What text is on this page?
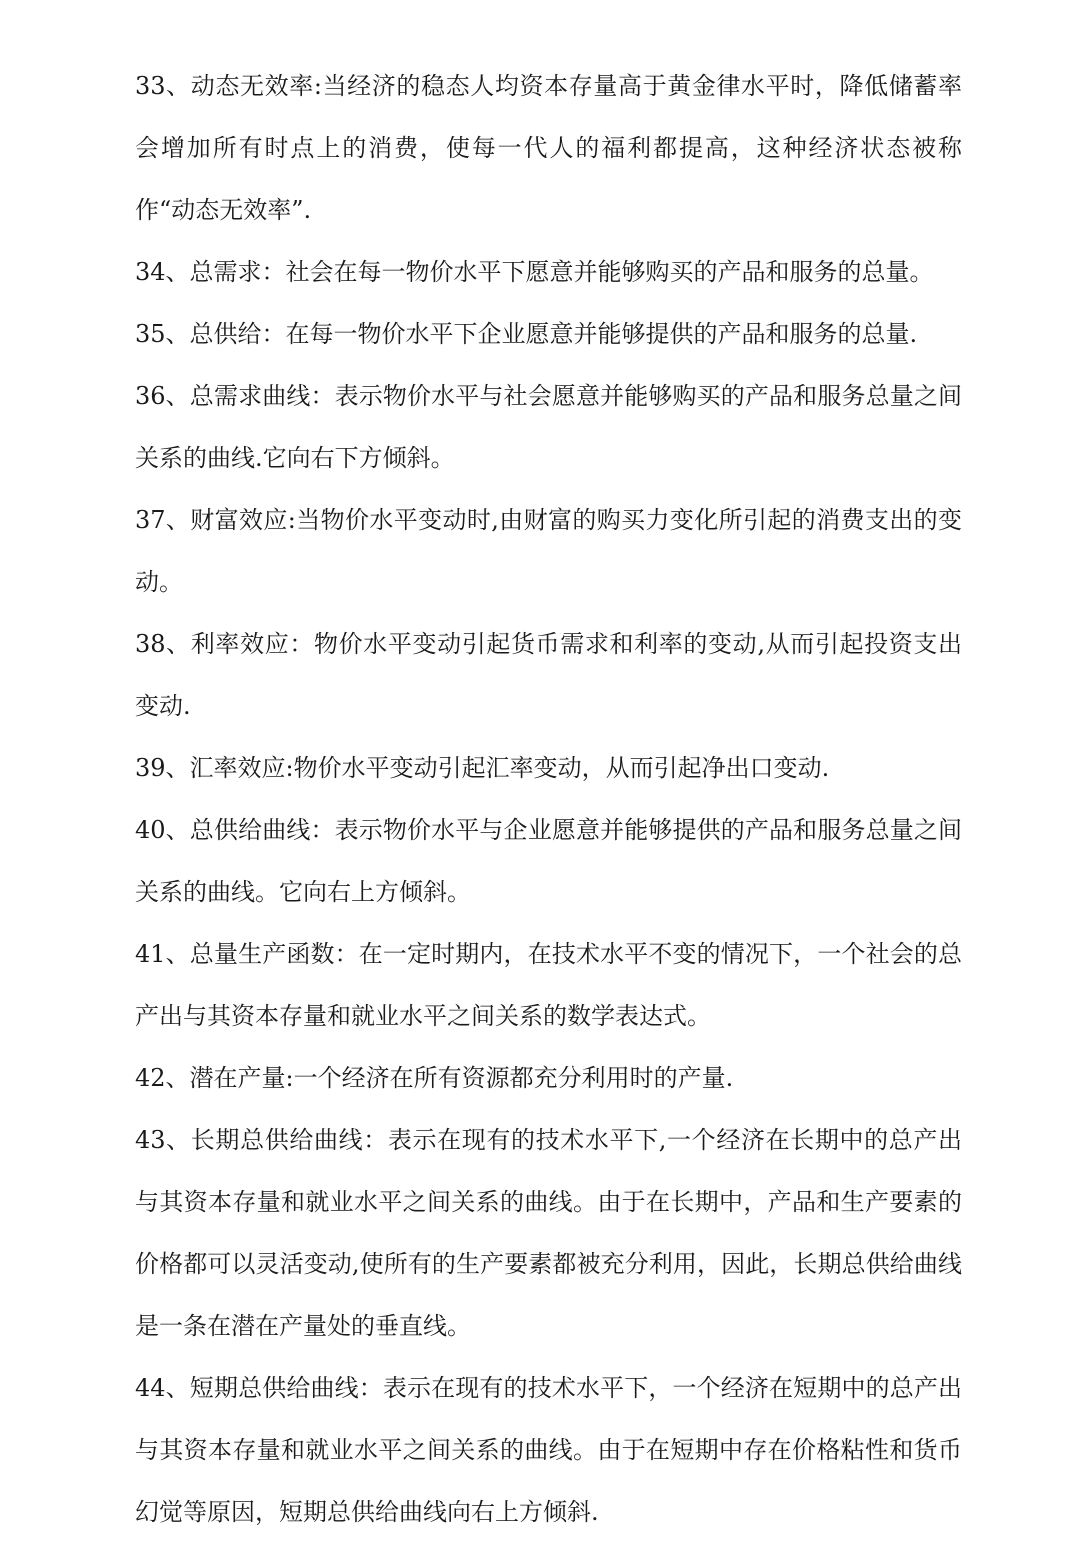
33、动态无效率:当经济的稳态人均资本存量高于黄金律水平时，降低储蓄率会增加所有时点上的消费，使每一代人的福利都提高，这种经济状态被称作“动态无效率”.

34、总需求：社会在每一物价水平下愿意并能够购买的产品和服务的总量。

35、总供给：在每一物价水平下企业愿意并能够提供的产品和服务的总量.

36、总需求曲线：表示物价水平与社会愿意并能够购买的产品和服务总量之间关系的曲线.它向右下方倾斜。

37、财富效应:当物价水平变动时,由财富的购买力变化所引起的消费支出的变动。

38、利率效应：物价水平变动引起货币需求和利率的变动,从而引起投资支出变动.

39、汇率效应:物价水平变动引起汇率变动，从而引起净出口变动.

40、总供给曲线：表示物价水平与企业愿意并能够提供的产品和服务总量之间关系的曲线。它向右上方倾斜。

41、总量生产函数：在一定时期内，在技术水平不变的情况下，一个社会的总产出与其资本存量和就业水平之间关系的数学表达式。

42、潜在产量:一个经济在所有资源都充分利用时的产量.

43、长期总供给曲线：表示在现有的技术水平下,一个经济在长期中的总产出与其资本存量和就业水平之间关系的曲线。由于在长期中，产品和生产要素的价格都可以灵活变动,使所有的生产要素都被充分利用，因此，长期总供给曲线是一条在潜在产量处的垂直线。

44、短期总供给曲线：表示在现有的技术水平下，一个经济在短期中的总产出与其资本存量和就业水平之间关系的曲线。由于在短期中存在价格粘性和货币幻觉等原因，短期总供给曲线向右上方倾斜.
